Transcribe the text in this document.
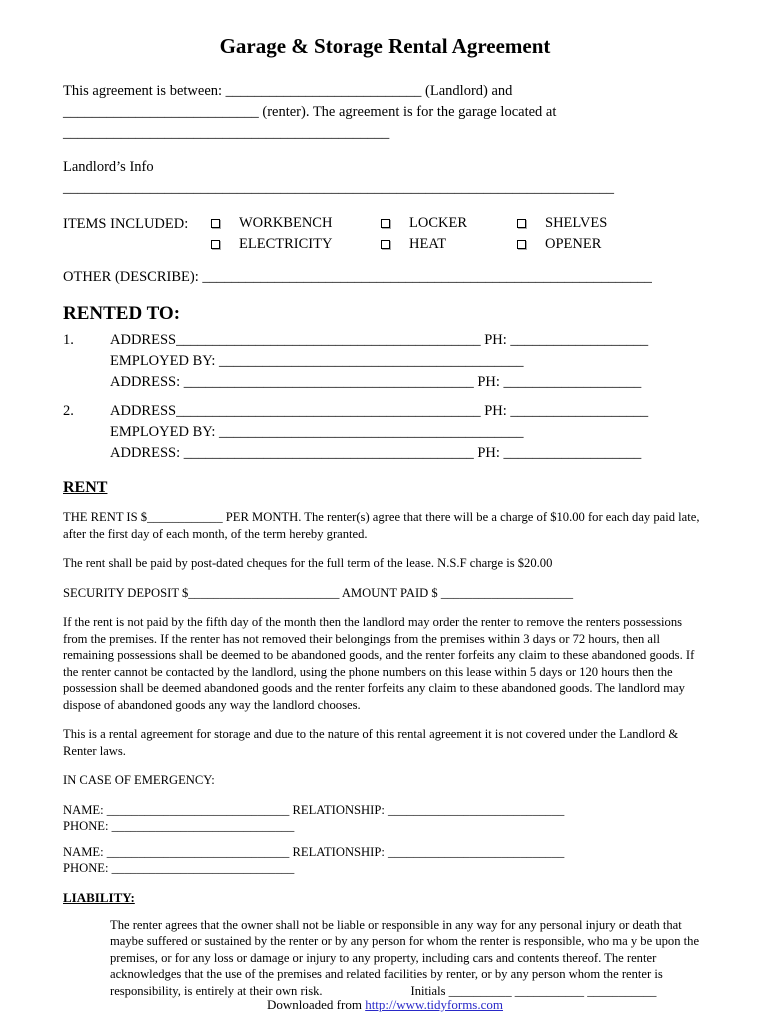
Garage & Storage Rental Agreement

This agreement is between: ___________________________ (Landlord) and
___________________________ (renter). The agreement is for the garage located at
_____________________________________________

Landlord’s Info ____________________________________________________________________________

ITEMS INCLUDED:	WORKBENCH	LOCKER	SHELVES
ELECTRICITY	HEAT	OPENER

OTHER (DESCRIBE): ______________________________________________________________

RENTED TO:
1.	ADDRESS__________________________________________ PH: ___________________
EMPLOYED BY: __________________________________________
ADDRESS: ________________________________________ PH: ___________________
2.	ADDRESS__________________________________________ PH: ___________________
EMPLOYED BY: __________________________________________
ADDRESS: ________________________________________ PH: ___________________
RENT

THE RENT IS $____________ PER MONTH. The renter(s) agree that there will be a charge of $10.00 for each day paid late, after the first day of each month, of the term hereby granted.

The rent shall be paid by post-dated cheques for the full term of the lease. N.S.F charge is $20.00

SECURITY DEPOSIT $________________________ AMOUNT PAID $ _____________________

If the rent is not paid by the fifth day of the month then the landlord may order the renter to remove the renters possessions from the premises. If the renter has not removed their belongings from the premises within 3 days or 72 hours, then all remaining possessions shall be deemed to be abandoned goods, and the renter forfeits any claim to these abandoned goods. If the renter cannot be contacted by the landlord, using the phone numbers on this lease within 5 days or 120 hours then the possession shall be deemed abandoned goods and the renter forfeits any claim to these abandoned goods. The landlord may dispose of abandoned goods any way the landlord chooses.

This is a rental agreement for storage and due to the nature of this rental agreement it is not covered under the Landlord & Renter laws.

IN CASE OF EMERGENCY:

NAME: _____________________________ RELATIONSHIP: ____________________________
PHONE: _____________________________
NAME: _____________________________ RELATIONSHIP: ____________________________
PHONE: _____________________________
LIABILITY:

The renter agrees that the owner shall not be liable or responsible in any way for any personal injury or death that maybe suffered or sustained by the renter or by any person for whom the renter is responsible, who ma y be upon the premises, or for any loss or damage or injury to any property, including cars and contents thereof. The renter acknowledges that the use of the premises and related facilities by renter, or by any person whom the renter is responsibility, is entirely at their own risk.	Initials __________ ___________ ___________

Downloaded from http://www.tidyforms.com
